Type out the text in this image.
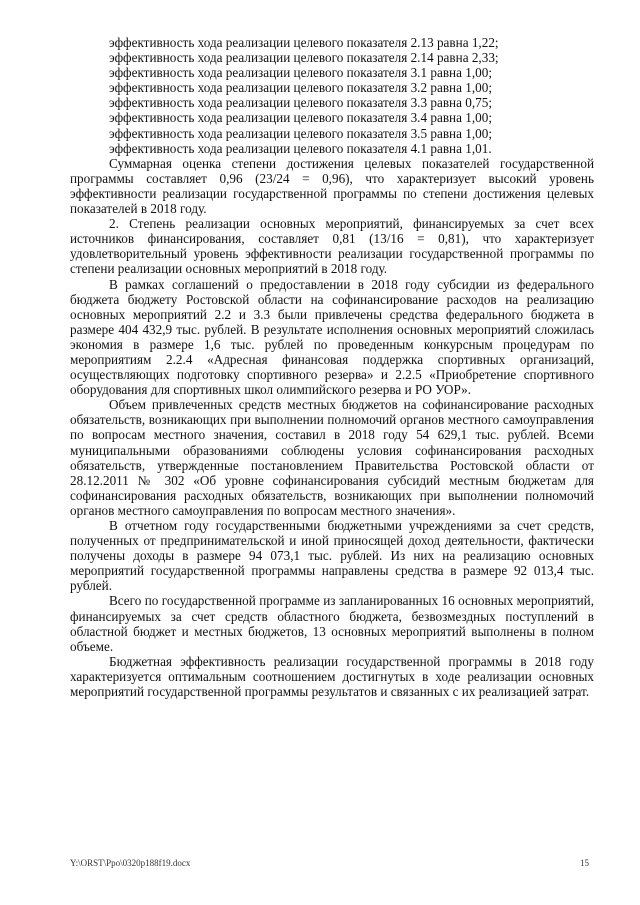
эффективность хода реализации целевого показателя 2.13 равна 1,22;

эффективность хода реализации целевого показателя 2.14 равна 2,33;

эффективность хода реализации целевого показателя 3.1 равна 1,00;

эффективность хода реализации целевого показателя 3.2 равна 1,00;

эффективность хода реализации целевого показателя 3.3 равна 0,75;

эффективность хода реализации целевого показателя 3.4 равна 1,00;

эффективность хода реализации целевого показателя 3.5 равна 1,00;

эффективность хода реализации целевого показателя 4.1 равна 1,01.

Суммарная оценка степени достижения целевых показателей государственной программы составляет 0,96 (23/24 = 0,96), что характеризует высокий уровень эффективности реализации государственной программы по степени достижения целевых показателей в 2018 году.

2. Степень реализации основных мероприятий, финансируемых за счет всех источников финансирования, составляет 0,81 (13/16 = 0,81), что характеризует удовлетворительный уровень эффективности реализации государственной программы по степени реализации основных мероприятий в 2018 году.

В рамках соглашений о предоставлении в 2018 году субсидии из федерального бюджета бюджету Ростовской области на софинансирование расходов на реализацию основных мероприятий 2.2 и 3.3 были привлечены средства федерального бюджета в размере 404 432,9 тыс. рублей. В результате исполнения основных мероприятий сложилась экономия в размере 1,6 тыс. рублей по проведенным конкурсным процедурам по мероприятиям 2.2.4 «Адресная финансовая поддержка спортивных организаций, осуществляющих подготовку спортивного резерва» и 2.2.5 «Приобретение спортивного оборудования для спортивных школ олимпийского резерва и РО УОР».

Объем привлеченных средств местных бюджетов на софинансирование расходных обязательств, возникающих при выполнении полномочий органов местного самоуправления по вопросам местного значения, составил в 2018 году 54 629,1 тыс. рублей. Всеми муниципальными образованиями соблюдены условия софинансирования расходных обязательств, утвержденные постановлением Правительства Ростовской области от 28.12.2011 № 302 «Об уровне софинансирования субсидий местным бюджетам для софинансирования расходных обязательств, возникающих при выполнении полномочий органов местного самоуправления по вопросам местного значения».

В отчетном году государственными бюджетными учреждениями за счет средств, полученных от предпринимательской и иной приносящей доход деятельности, фактически получены доходы в размере 94 073,1 тыс. рублей. Из них на реализацию основных мероприятий государственной программы направлены средства в размере 92 013,4 тыс. рублей.

Всего по государственной программе из запланированных 16 основных мероприятий, финансируемых за счет средств областного бюджета, безвозмездных поступлений в областной бюджет и местных бюджетов, 13 основных мероприятий выполнены в полном объеме.

Бюджетная эффективность реализации государственной программы в 2018 году характеризуется оптимальным соотношением достигнутых в ходе реализации основных мероприятий государственной программы результатов и связанных с их реализацией затрат.

Y:\ORST\Ppo\0320p188f19.docx	15
